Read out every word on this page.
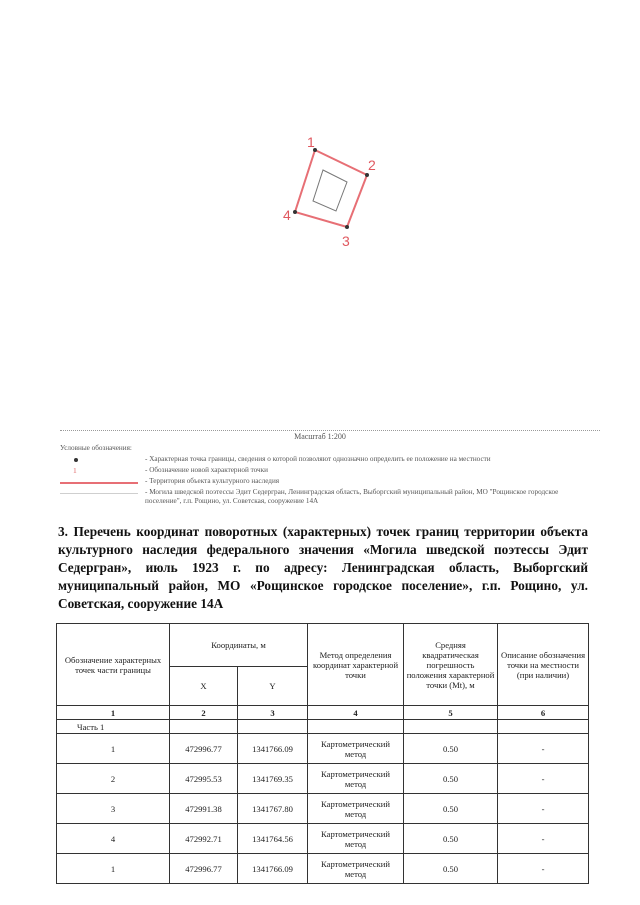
1
2
3
4
Масштаб 1:200
Условные обозначения:
- Характерная точка границы, сведения о которой позволяют однозначно определить ее положение на местности
1	- Обозначение новой характерной точки
- Территория объекта культурного наследия
- Могила шведской поэтессы Эдит Седергран, Ленинградская область, Выборгский муниципальный район, МО "Рощинское городское поселение", г.п. Рощино, ул. Советская, сооружение 14А
3. Перечень координат поворотных (характерных) точек границ территории объекта культурного наследия федерального значения «Могила шведской поэтессы Эдит Седергран», июль 1923 г. по адресу: Ленинградская область, Выборгский муниципальный район, МО «Рощинское городское поселение», г.п. Рощино, ул. Советская, сооружение 14А
Обозначение характерных точек части границы	Координаты, м		Метод определения координат характерной точки	Средняя квадратическая погрешность положения характерной точки (Mt), м	Описание обозначения точки на местности (при наличии)
	X	Y			
1	2	3	4	5	6
Часть 1					
1	472996.77	1341766.09	Картометрический метод	0.50	-
2	472995.53	1341769.35	Картометрический метод	0.50	-
3	472991.38	1341767.80	Картометрический метод	0.50	-
4	472992.71	1341764.56	Картометрический метод	0.50	-
1	472996.77	1341766.09	Картометрический метод	0.50	-
